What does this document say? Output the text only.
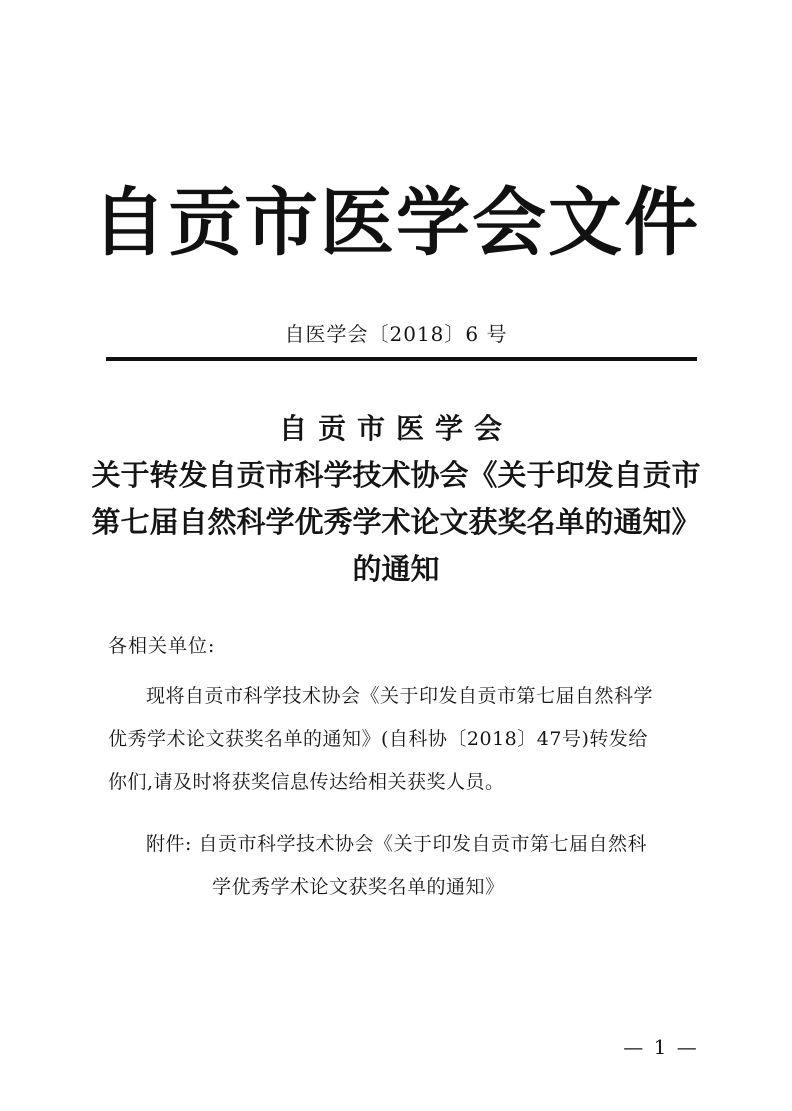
自贡市医学会文件
自医学会〔2018〕6 号
自贡市医学会
关于转发自贡市科学技术协会《关于印发自贡市
第七届自然科学优秀学术论文获奖名单的通知》
的通知
各相关单位:
现将自贡市科学技术协会《关于印发自贡市第七届自然科学
优秀学术论文获奖名单的通知》(自科协〔2018〕47号)转发给
你们,请及时将获奖信息传达给相关获奖人员。
附件: 自贡市科学技术协会《关于印发自贡市第七届自然科
学优秀学术论文获奖名单的通知》
— 1 —
